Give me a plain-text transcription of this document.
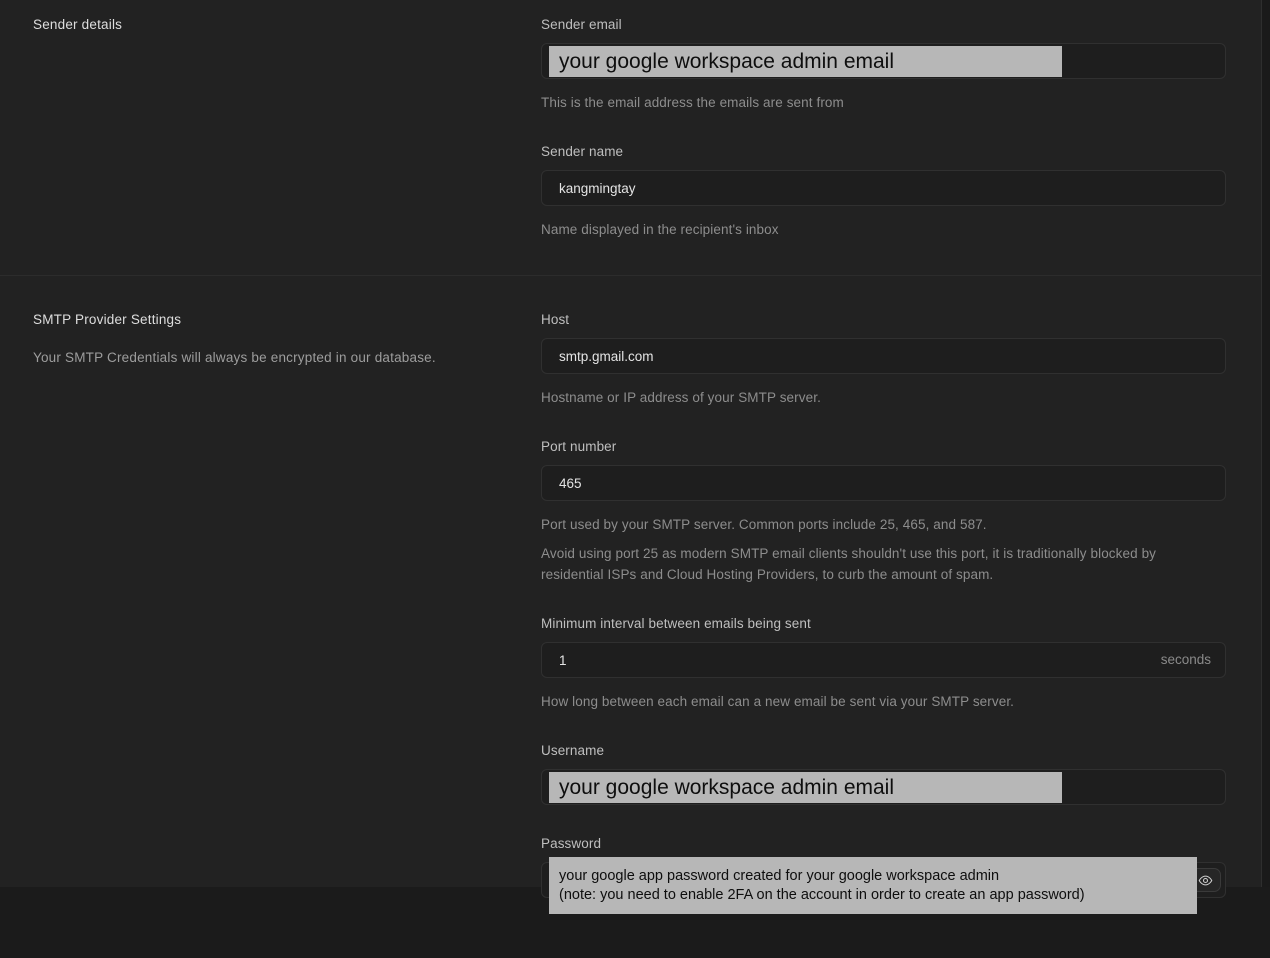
Sender details	Sender email
your google workspace admin email

This is the email address the emails are sent from

Sender name
kangmingtay

Name displayed in the recipient's inbox

SMTP Provider Settings

Your SMTP Credentials will always be encrypted in our database.

Host
smtp.gmail.com

Hostname or IP address of your SMTP server.

Port number
465

Port used by your SMTP server. Common ports include 25, 465, and 587.

Avoid using port 25 as modern SMTP email clients shouldn't use this port, it is traditionally blocked by residential ISPs and Cloud Hosting Providers, to curb the amount of spam.

Minimum interval between emails being sent
1
seconds

How long between each email can a new email be sent via your SMTP server.

Username
your google workspace admin email
Password
your google app password created for your google workspace admin
(note: you need to enable 2FA on the account in order to create an app password)
